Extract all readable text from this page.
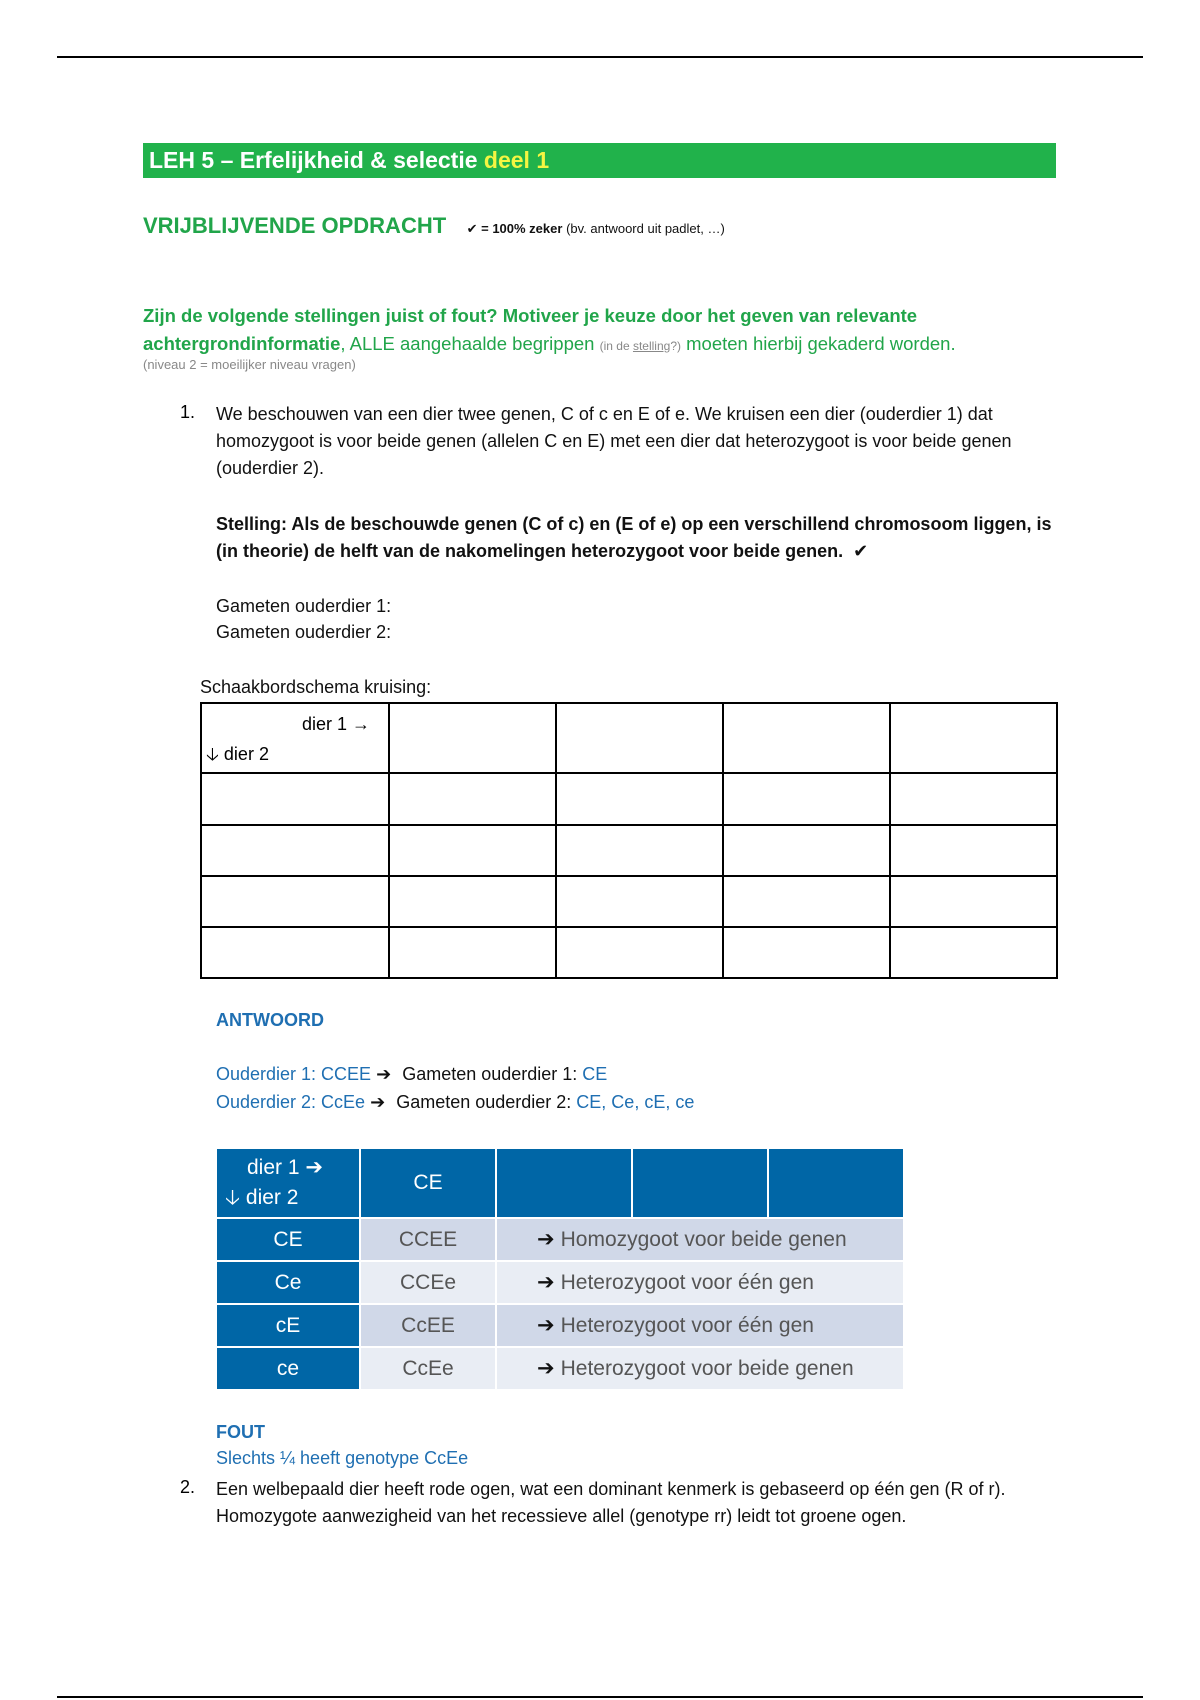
LEH 5 – Erfelijkheid & selectie deel 1
VRIJBLIJVENDE OPDRACHT ✔ = 100% zeker (bv. antwoord uit padlet, …)
Zijn de volgende stellingen juist of fout? Motiveer je keuze door het geven van relevante achtergrondinformatie, ALLE aangehaalde begrippen (in de stelling?) moeten hierbij gekaderd worden.
(niveau 2 = moeilijker niveau vragen)
1. We beschouwen van een dier twee genen, C of c en E of e. We kruisen een dier (ouderdier 1) dat homozygoot is voor beide genen (allelen C en E) met een dier dat heterozygoot is voor beide genen (ouderdier 2).
Stelling: Als de beschouwde genen (C of c) en (E of e) op een verschillend chromosoom liggen, is (in theorie) de helft van de nakomelingen heterozygoot voor beide genen. ✔
Gameten ouderdier 1:
Gameten ouderdier 2:
Schaakbordschema kruising:
dier 1 →
🡣 dier 2				

ANTWOORD
Ouderdier 1: CCEE ➔ Gameten ouderdier 1: CE
Ouderdier 2: CcEe ➔ Gameten ouderdier 2: CE, Ce, cE, ce
dier 1 ➔
🡣 dier 2	CE			
CE	CCEE	➔ Homozygoot voor beide genen		
Ce	CCEe	➔ Heterozygoot voor één gen		
cE	CcEE	➔ Heterozygoot voor één gen		
ce	CcEe	➔ Heterozygoot voor beide genen		
FOUT
Slechts ¼ heeft genotype CcEe
2. Een welbepaald dier heeft rode ogen, wat een dominant kenmerk is gebaseerd op één gen (R of r). Homozygote aanwezigheid van het recessieve allel (genotype rr) leidt tot groene ogen.
